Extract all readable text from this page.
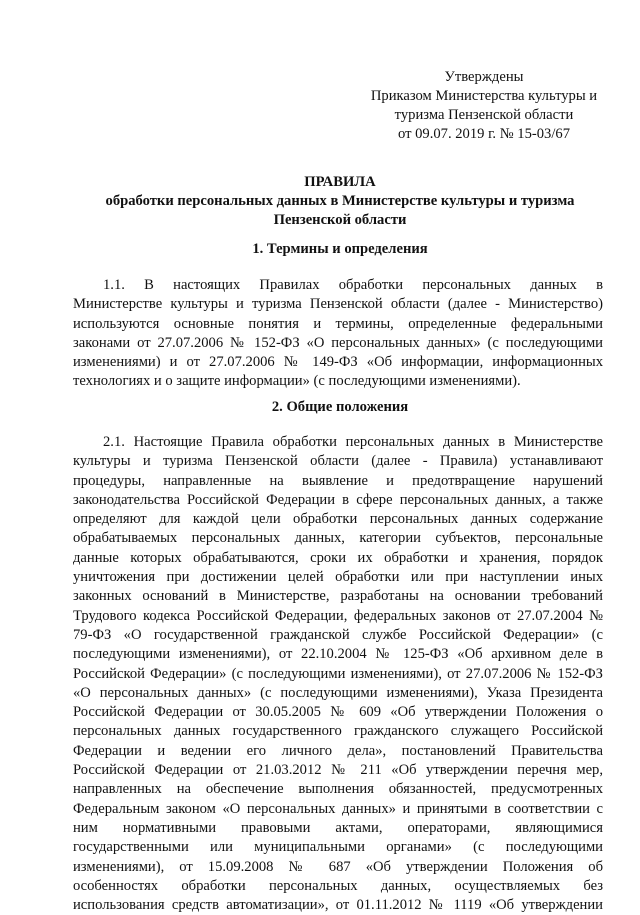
Утверждены
Приказом Министерства культуры и
туризма Пензенской области
от 09.07. 2019 г. № 15-03/67
ПРАВИЛА
обработки персональных данных в Министерстве культуры и туризма
Пензенской области
1. Термины и определения
1.1. В настоящих Правилах обработки персональных данных в
Министерстве культуры и туризма Пензенской области (далее - Министерство)
используются основные понятия и термины, определенные федеральными
законами от 27.07.2006 № 152-ФЗ «О персональных данных» (с последующими
изменениями) и от 27.07.2006 № 149-ФЗ «Об информации, информационных
технологиях и о защите информации» (с последующими изменениями).
2. Общие положения
2.1. Настоящие Правила обработки персональных данных в Министерстве
культуры и туризма Пензенской области (далее - Правила) устанавливают
процедуры, направленные на выявление и предотвращение нарушений
законодательства Российской Федерации в сфере персональных данных, а также
определяют для каждой цели обработки персональных данных содержание
обрабатываемых персональных данных, категории субъектов, персональные
данные которых обрабатываются, сроки их обработки и хранения, порядок
уничтожения при достижении целей обработки или при наступлении иных
законных оснований в Министерстве, разработаны на основании требований
Трудового кодекса Российской Федерации, федеральных законов от 27.07.2004 №
79-ФЗ «О государственной гражданской службе Российской Федерации» (с
последующими изменениями), от 22.10.2004 № 125-ФЗ «Об архивном деле в
Российской Федерации» (с последующими изменениями), от 27.07.2006 № 152-ФЗ
«О персональных данных» (с последующими изменениями), Указа Президента
Российской Федерации от 30.05.2005 № 609 «Об утверждении Положения о
персональных данных государственного гражданского служащего Российской
Федерации и ведении его личного дела», постановлений Правительства
Российской Федерации от 21.03.2012 № 211 «Об утверждении перечня мер,
направленных на обеспечение выполнения обязанностей, предусмотренных
Федеральным законом «О персональных данных» и принятыми в соответствии с
ним нормативными правовыми актами, операторами, являющимися
государственными или муниципальными органами» (с последующими
изменениями), от 15.09.2008 № 687 «Об утверждении Положения об
особенностях обработки персональных данных, осуществляемых без
использования средств автоматизации», от 01.11.2012 № 1119 «Об утверждении
